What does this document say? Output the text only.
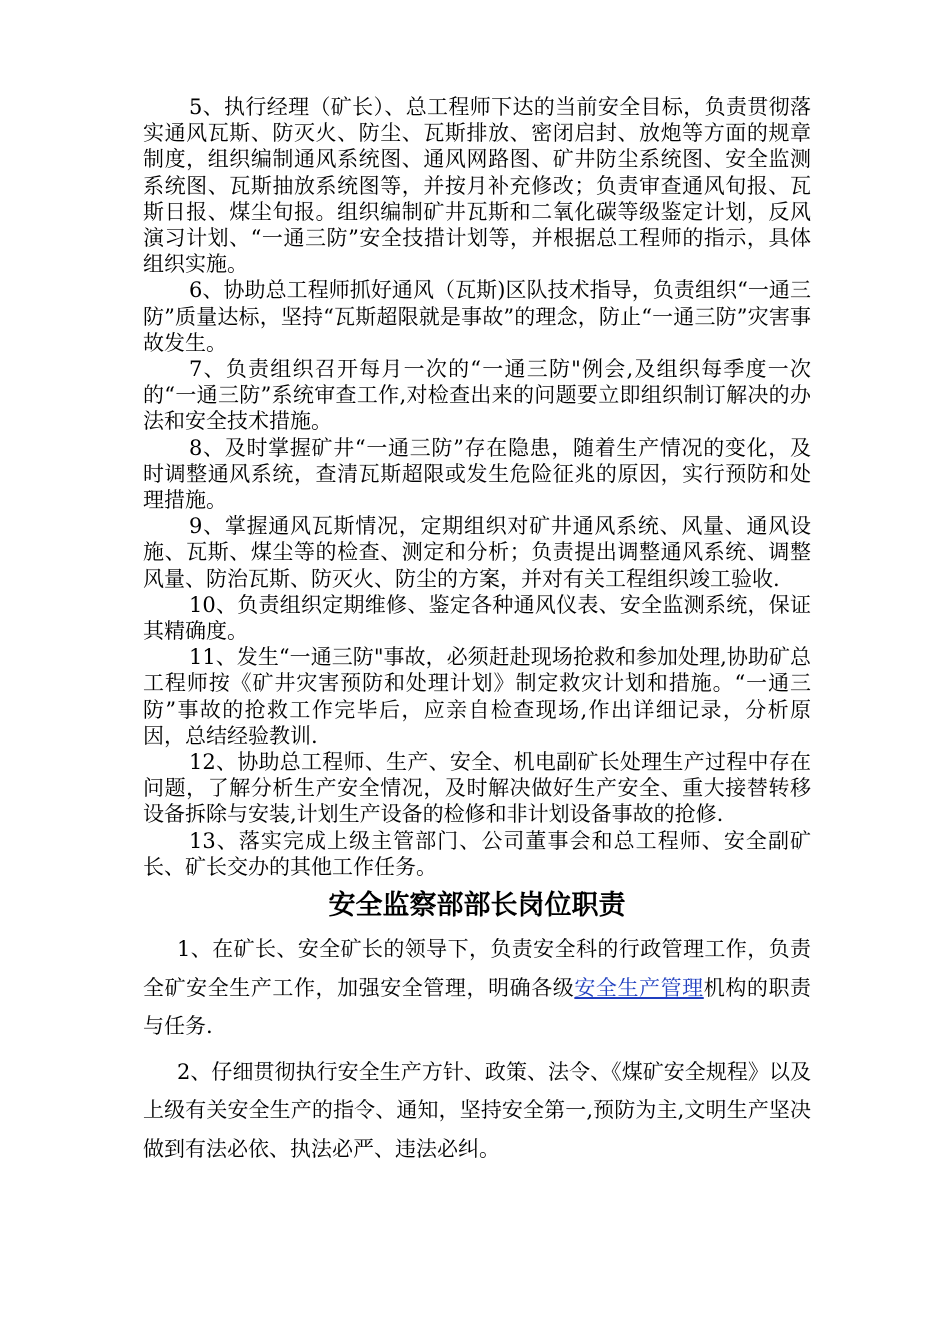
5、执行经理（矿长）、总工程师下达的当前安全目标，负责贯彻落实通风瓦斯、防灭火、防尘、瓦斯排放、密闭启封、放炮等方面的规章制度，组织编制通风系统图、通风网路图、矿井防尘系统图、安全监测系统图、瓦斯抽放系统图等，并按月补充修改；负责审查通风旬报、瓦斯日报、煤尘旬报。组织编制矿井瓦斯和二氧化碳等级鉴定计划，反风演习计划、“一通三防”安全技措计划等，并根据总工程师的指示，具体组织实施。

6、协助总工程师抓好通风（瓦斯)区队技术指导，负责组织“一通三防”质量达标，坚持“瓦斯超限就是事故”的理念，防止“一通三防”灾害事故发生。

7、负责组织召开每月一次的“一通三防"例会,及组织每季度一次的“一通三防”系统审查工作,对检查出来的问题要立即组织制订解决的办法和安全技术措施。

8、及时掌握矿井“一通三防”存在隐患，随着生产情况的变化，及时调整通风系统，查清瓦斯超限或发生危险征兆的原因，实行预防和处理措施。

9、掌握通风瓦斯情况，定期组织对矿井通风系统、风量、通风设施、瓦斯、煤尘等的检查、测定和分析；负责提出调整通风系统、调整风量、防治瓦斯、防灭火、防尘的方案，并对有关工程组织竣工验收.

10、负责组织定期维修、鉴定各种通风仪表、安全监测系统，保证其精确度。

11、发生“一通三防"事故，必须赶赴现场抢救和参加处理,协助矿总工程师按《矿井灾害预防和处理计划》制定救灾计划和措施。“一通三防”事故的抢救工作完毕后，应亲自检查现场,作出详细记录，分析原因，总结经验教训.

12、协助总工程师、生产、安全、机电副矿长处理生产过程中存在问题，了解分析生产安全情况，及时解决做好生产安全、重大接替转移设备拆除与安装,计划生产设备的检修和非计划设备事故的抢修.

13、落实完成上级主管部门、公司董事会和总工程师、安全副矿长、矿长交办的其他工作任务。

安全监察部部长岗位职责

1、在矿长、安全矿长的领导下，负责安全科的行政管理工作，负责全矿安全生产工作，加强安全管理，明确各级安全生产管理机构的职责与任务.

2、仔细贯彻执行安全生产方针、政策、法令、《煤矿安全规程》以及上级有关安全生产的指令、通知，坚持安全第一,预防为主,文明生产坚决做到有法必依、执法必严、违法必纠。
